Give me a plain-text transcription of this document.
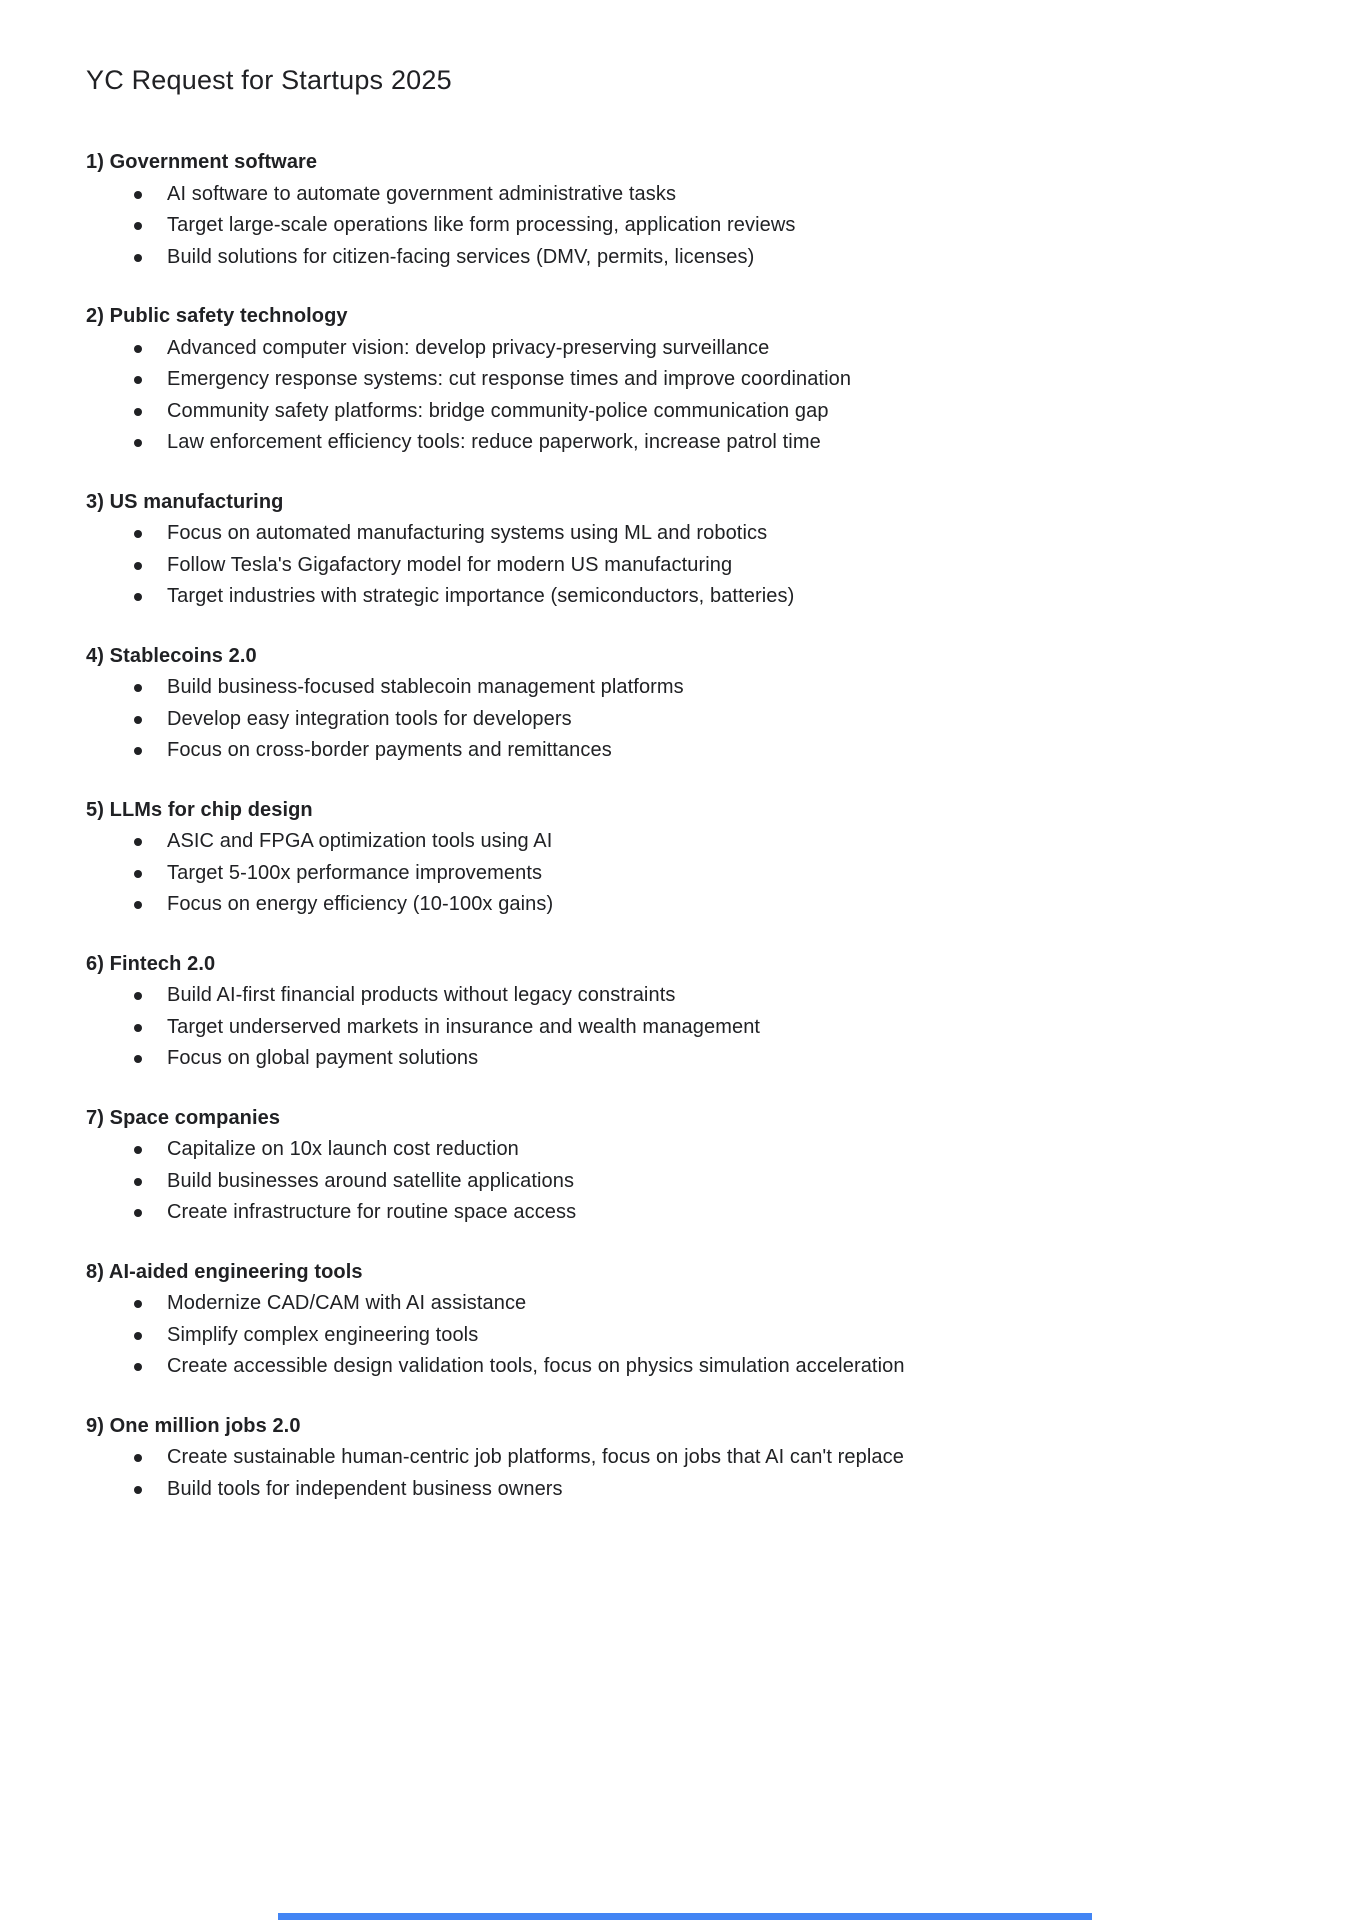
YC Request for Startups 2025
1) Government software
AI software to automate government administrative tasks
Target large-scale operations like form processing, application reviews
Build solutions for citizen-facing services (DMV, permits, licenses)
2) Public safety technology
Advanced computer vision: develop privacy-preserving surveillance
Emergency response systems: cut response times and improve coordination
Community safety platforms: bridge community-police communication gap
Law enforcement efficiency tools: reduce paperwork, increase patrol time
3) US manufacturing
Focus on automated manufacturing systems using ML and robotics
Follow Tesla's Gigafactory model for modern US manufacturing
Target industries with strategic importance (semiconductors, batteries)
4) Stablecoins 2.0
Build business-focused stablecoin management platforms
Develop easy integration tools for developers
Focus on cross-border payments and remittances
5) LLMs for chip design
ASIC and FPGA optimization tools using AI
Target 5-100x performance improvements
Focus on energy efficiency (10-100x gains)
6) Fintech 2.0
Build AI-first financial products without legacy constraints
Target underserved markets in insurance and wealth management
Focus on global payment solutions
7) Space companies
Capitalize on 10x launch cost reduction
Build businesses around satellite applications
Create infrastructure for routine space access
8) AI-aided engineering tools
Modernize CAD/CAM with AI assistance
Simplify complex engineering tools
Create accessible design validation tools, focus on physics simulation acceleration
9) One million jobs 2.0
Create sustainable human-centric job platforms, focus on jobs that AI can't replace
Build tools for independent business owners
